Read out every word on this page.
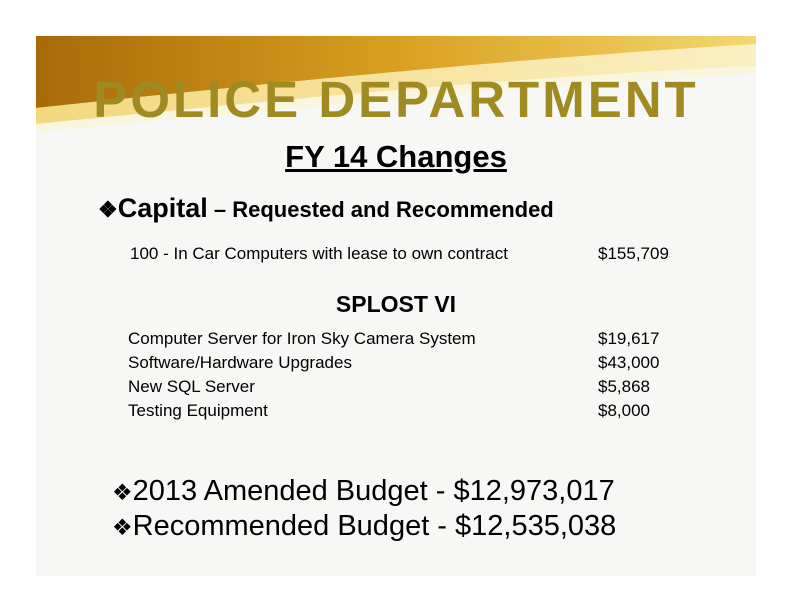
POLICE DEPARTMENT
FY 14 Changes
❖Capital – Requested and Recommended
100 - In Car Computers with lease to own contract	$155,709
SPLOST VI
Computer Server for Iron Sky Camera System	$19,617
Software/Hardware Upgrades	$43,000
New SQL Server	$5,868
Testing Equipment	$8,000
❖2013 Amended Budget - $12,973,017
❖Recommended Budget - $12,535,038
